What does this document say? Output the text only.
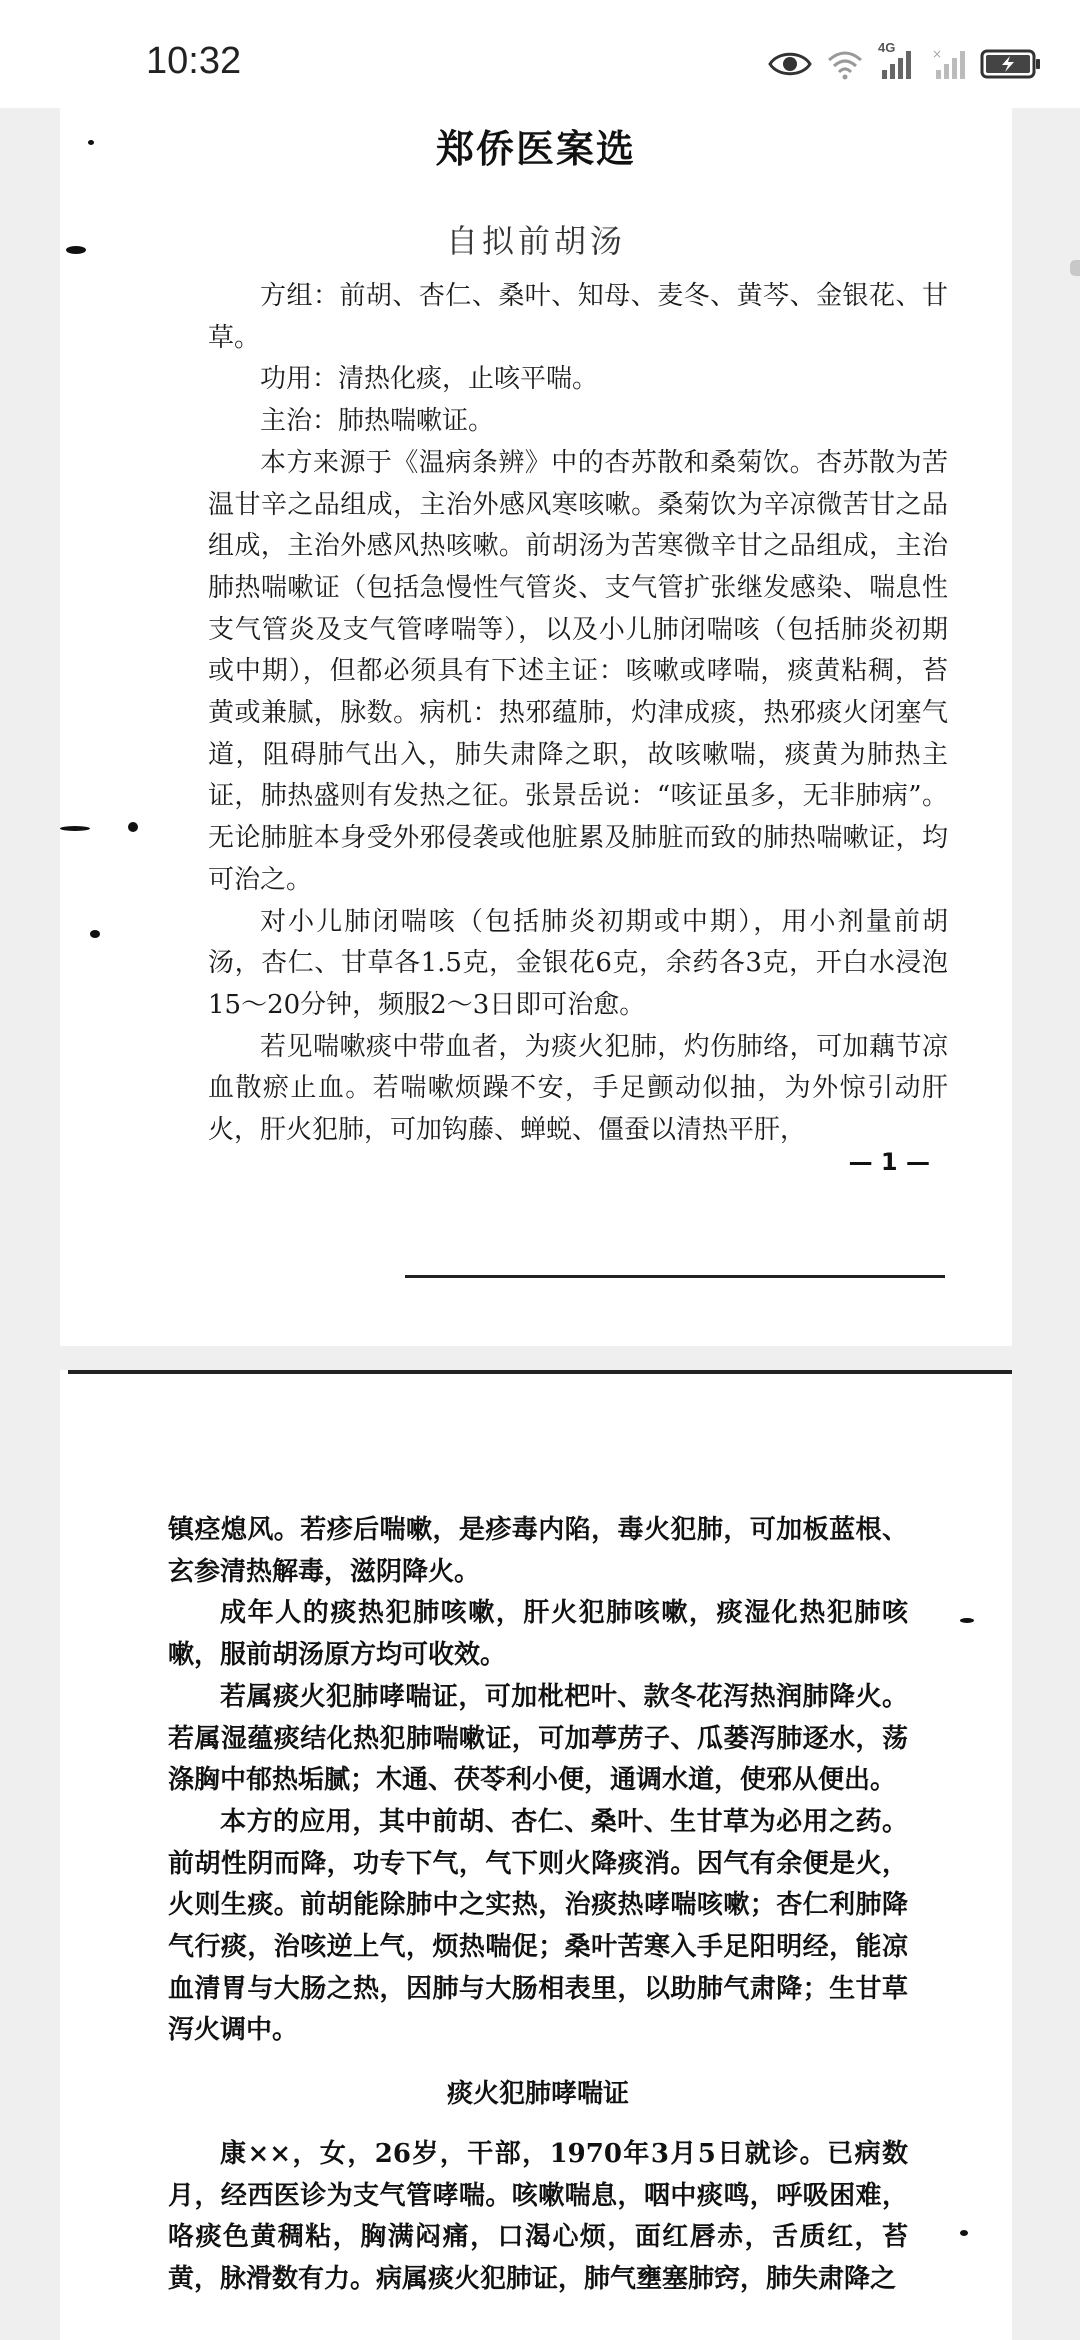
10:32	4G	×
郑侨医案选
自拟前胡汤

方组：前胡、杏仁、桑叶、知母、麦冬、黄芩、金银花、甘草。

功用：清热化痰，止咳平喘。

主治：肺热喘嗽证。

本方来源于《温病条辨》中的杏苏散和桑菊饮。杏苏散为苦温甘辛之品组成，主治外感风寒咳嗽。桑菊饮为辛凉微苦甘之品组成，主治外感风热咳嗽。前胡汤为苦寒微辛甘之品组成，主治肺热喘嗽证（包括急慢性气管炎、支气管扩张继发感染、喘息性支气管炎及支气管哮喘等），以及小儿肺闭喘咳（包括肺炎初期或中期），但都必须具有下述主证：咳嗽或哮喘，痰黄粘稠，苔黄或兼腻，脉数。病机：热邪蕴肺，灼津成痰，热邪痰火闭塞气道，阻碍肺气出入，肺失肃降之职，故咳嗽喘，痰黄为肺热主证，肺热盛则有发热之征。张景岳说：“咳证虽多，无非肺病”。无论肺脏本身受外邪侵袭或他脏累及肺脏而致的肺热喘嗽证，均可治之。

对小儿肺闭喘咳（包括肺炎初期或中期），用小剂量前胡汤，杏仁、甘草各1.5克，金银花6克，余药各3克，开白水浸泡15～20分钟，频服2～3日即可治愈。

若见喘嗽痰中带血者，为痰火犯肺，灼伤肺络，可加藕节凉血散瘀止血。若喘嗽烦躁不安，手足颤动似抽，为外惊引动肝火，肝火犯肺，可加钩藤、蝉蜕、僵蚕以清热平肝，

— 1 —

镇痉熄风。若疹后喘嗽，是疹毒内陷，毒火犯肺，可加板蓝根、玄参清热解毒，滋阴降火。

成年人的痰热犯肺咳嗽，肝火犯肺咳嗽，痰湿化热犯肺咳嗽，服前胡汤原方均可收效。

若属痰火犯肺哮喘证，可加枇杷叶、款冬花泻热润肺降火。若属湿蕴痰结化热犯肺喘嗽证，可加葶苈子、瓜蒌泻肺逐水，荡涤胸中郁热垢腻；木通、茯苓利小便，通调水道，使邪从便出。

本方的应用，其中前胡、杏仁、桑叶、生甘草为必用之药。前胡性阴而降，功专下气，气下则火降痰消。因气有余便是火，火则生痰。前胡能除肺中之实热，治痰热哮喘咳嗽；杏仁利肺降气行痰，治咳逆上气，烦热喘促；桑叶苦寒入手足阳明经，能凉血清胃与大肠之热，因肺与大肠相表里，以助肺气肃降；生甘草泻火调中。

痰火犯肺哮喘证

康××，女，26岁，干部，1970年3月5日就诊。已病数月，经西医诊为支气管哮喘。咳嗽喘息，咽中痰鸣，呼吸困难，咯痰色黄稠粘，胸满闷痛，口渴心烦，面红唇赤，舌质红，苔黄，脉滑数有力。病属痰火犯肺证，肺气壅塞肺窍，肺失肃降之
